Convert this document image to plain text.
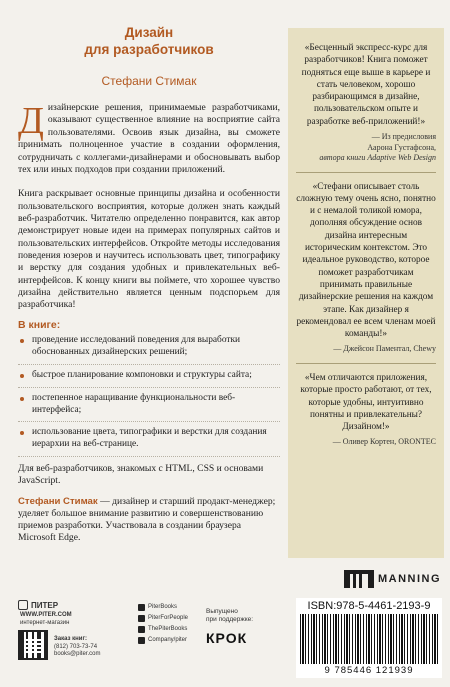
Дизайн
для разработчиков
Стефани Стимак

Дизайнерские решения, принимаемые разработчиками, оказывают существенное влияние на восприятие сайта пользователями. Освоив язык дизайна, вы сможете принимать полноценное участие в создании оформления, сотрудничать с коллегами-дизайнерами и обосновывать выбор тех или иных подходов при создании приложений.

Книга раскрывает основные принципы дизайна и особенности пользовательского восприятия, которые должен знать каждый веб-разработчик. Читателю определенно понравится, как автор демонстрирует новые идеи на примерах популярных сайтов и пользовательских интерфейсов. Откройте методы исследования поведения юзеров и научитесь использовать цвет, типографику и верстку для создания удобных и привлекательных веб-интерфейсов. К концу книги вы поймете, что хорошее чувство дизайна действительно является ценным подспорьем для разработчика!

В книге:
проведение исследований поведения для выработки обоснованных дизайнерских решений;
быстрое планирование компоновки и структуры сайта;
постепенное наращивание функциональности веб-интерфейса;
использование цвета, типографики и верстки для создания иерархии на веб-странице.

Для веб-разработчиков, знакомых с HTML, CSS и основами JavaScript.

Стефани Стимак — дизайнер и старший продакт-менеджер; уделяет большое внимание развитию и совершенствованию приемов разработки. Участвовала в создании браузера Microsoft Edge.

«Бесценный экспресс-курс для разработчиков! Книга поможет подняться еще выше в карьере и стать человеком, хорошо разбирающимся в дизайне, пользовательском опыте и разработке веб-приложений!»

— Из предисловия
Аарона Густафсона,
автора книги Adaptive Web Design

«Стефани описывает столь сложную тему очень ясно, понятно и с немалой толикой юмора, дополняя обсуждение основ дизайна интересным историческим контекстом. Это идеальное руководство, которое поможет разработчикам принимать правильные дизайнерские решения на каждом этапе. Как дизайнер я рекомендовал ее всем членам моей команды!»

— Джейсон Паментал, Chewy

«Чем отличаются приложения, которые просто работают, от тех, которые удобны, интуитивно понятны и привлекательны? Дизайном!»

— Оливер Кортен, ORONTEC
MANNING
ПИТЕР
WWW.PITER.COM
интернет-магазин
Заказ книг:
(812) 703-73-74
books@piter.com
PiterBooks
PiterForPeople
ThePiterBooks
Company/piter
Выпущено
при поддержке:
КРОК
ISBN:978-5-4461-2193-9
9 785446 121939
